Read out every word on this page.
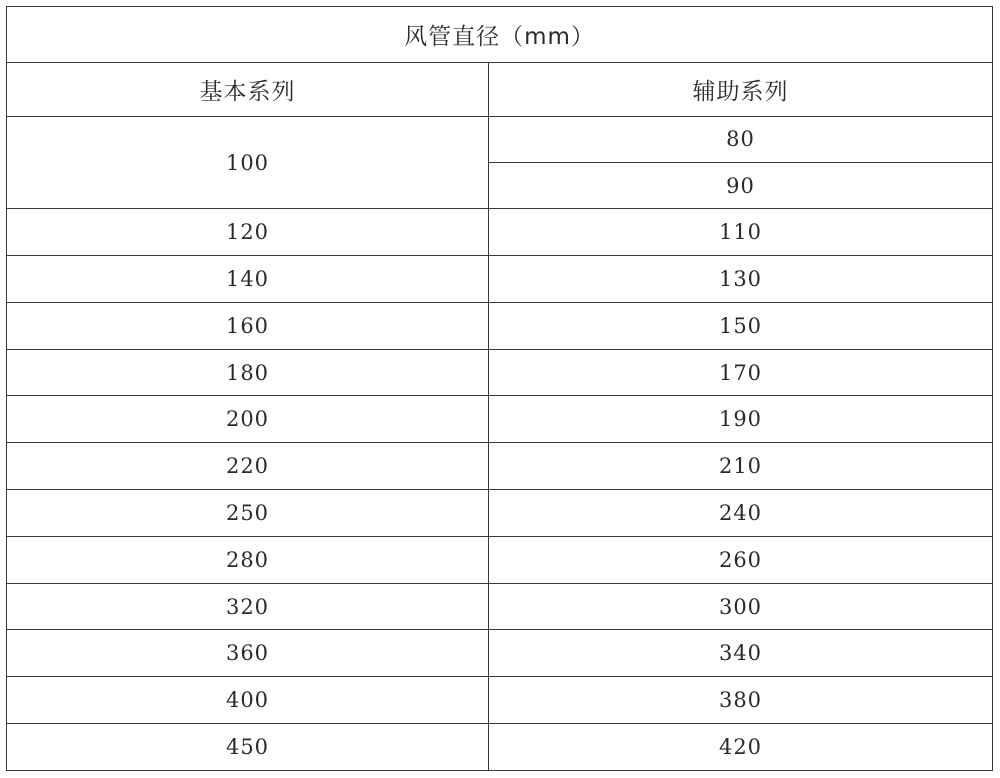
风管直径（mm）	
基本系列	辅助系列
100	80
	90
120	110
140	130
160	150
180	170
200	190
220	210
250	240
280	260
320	300
360	340
400	380
450	420
